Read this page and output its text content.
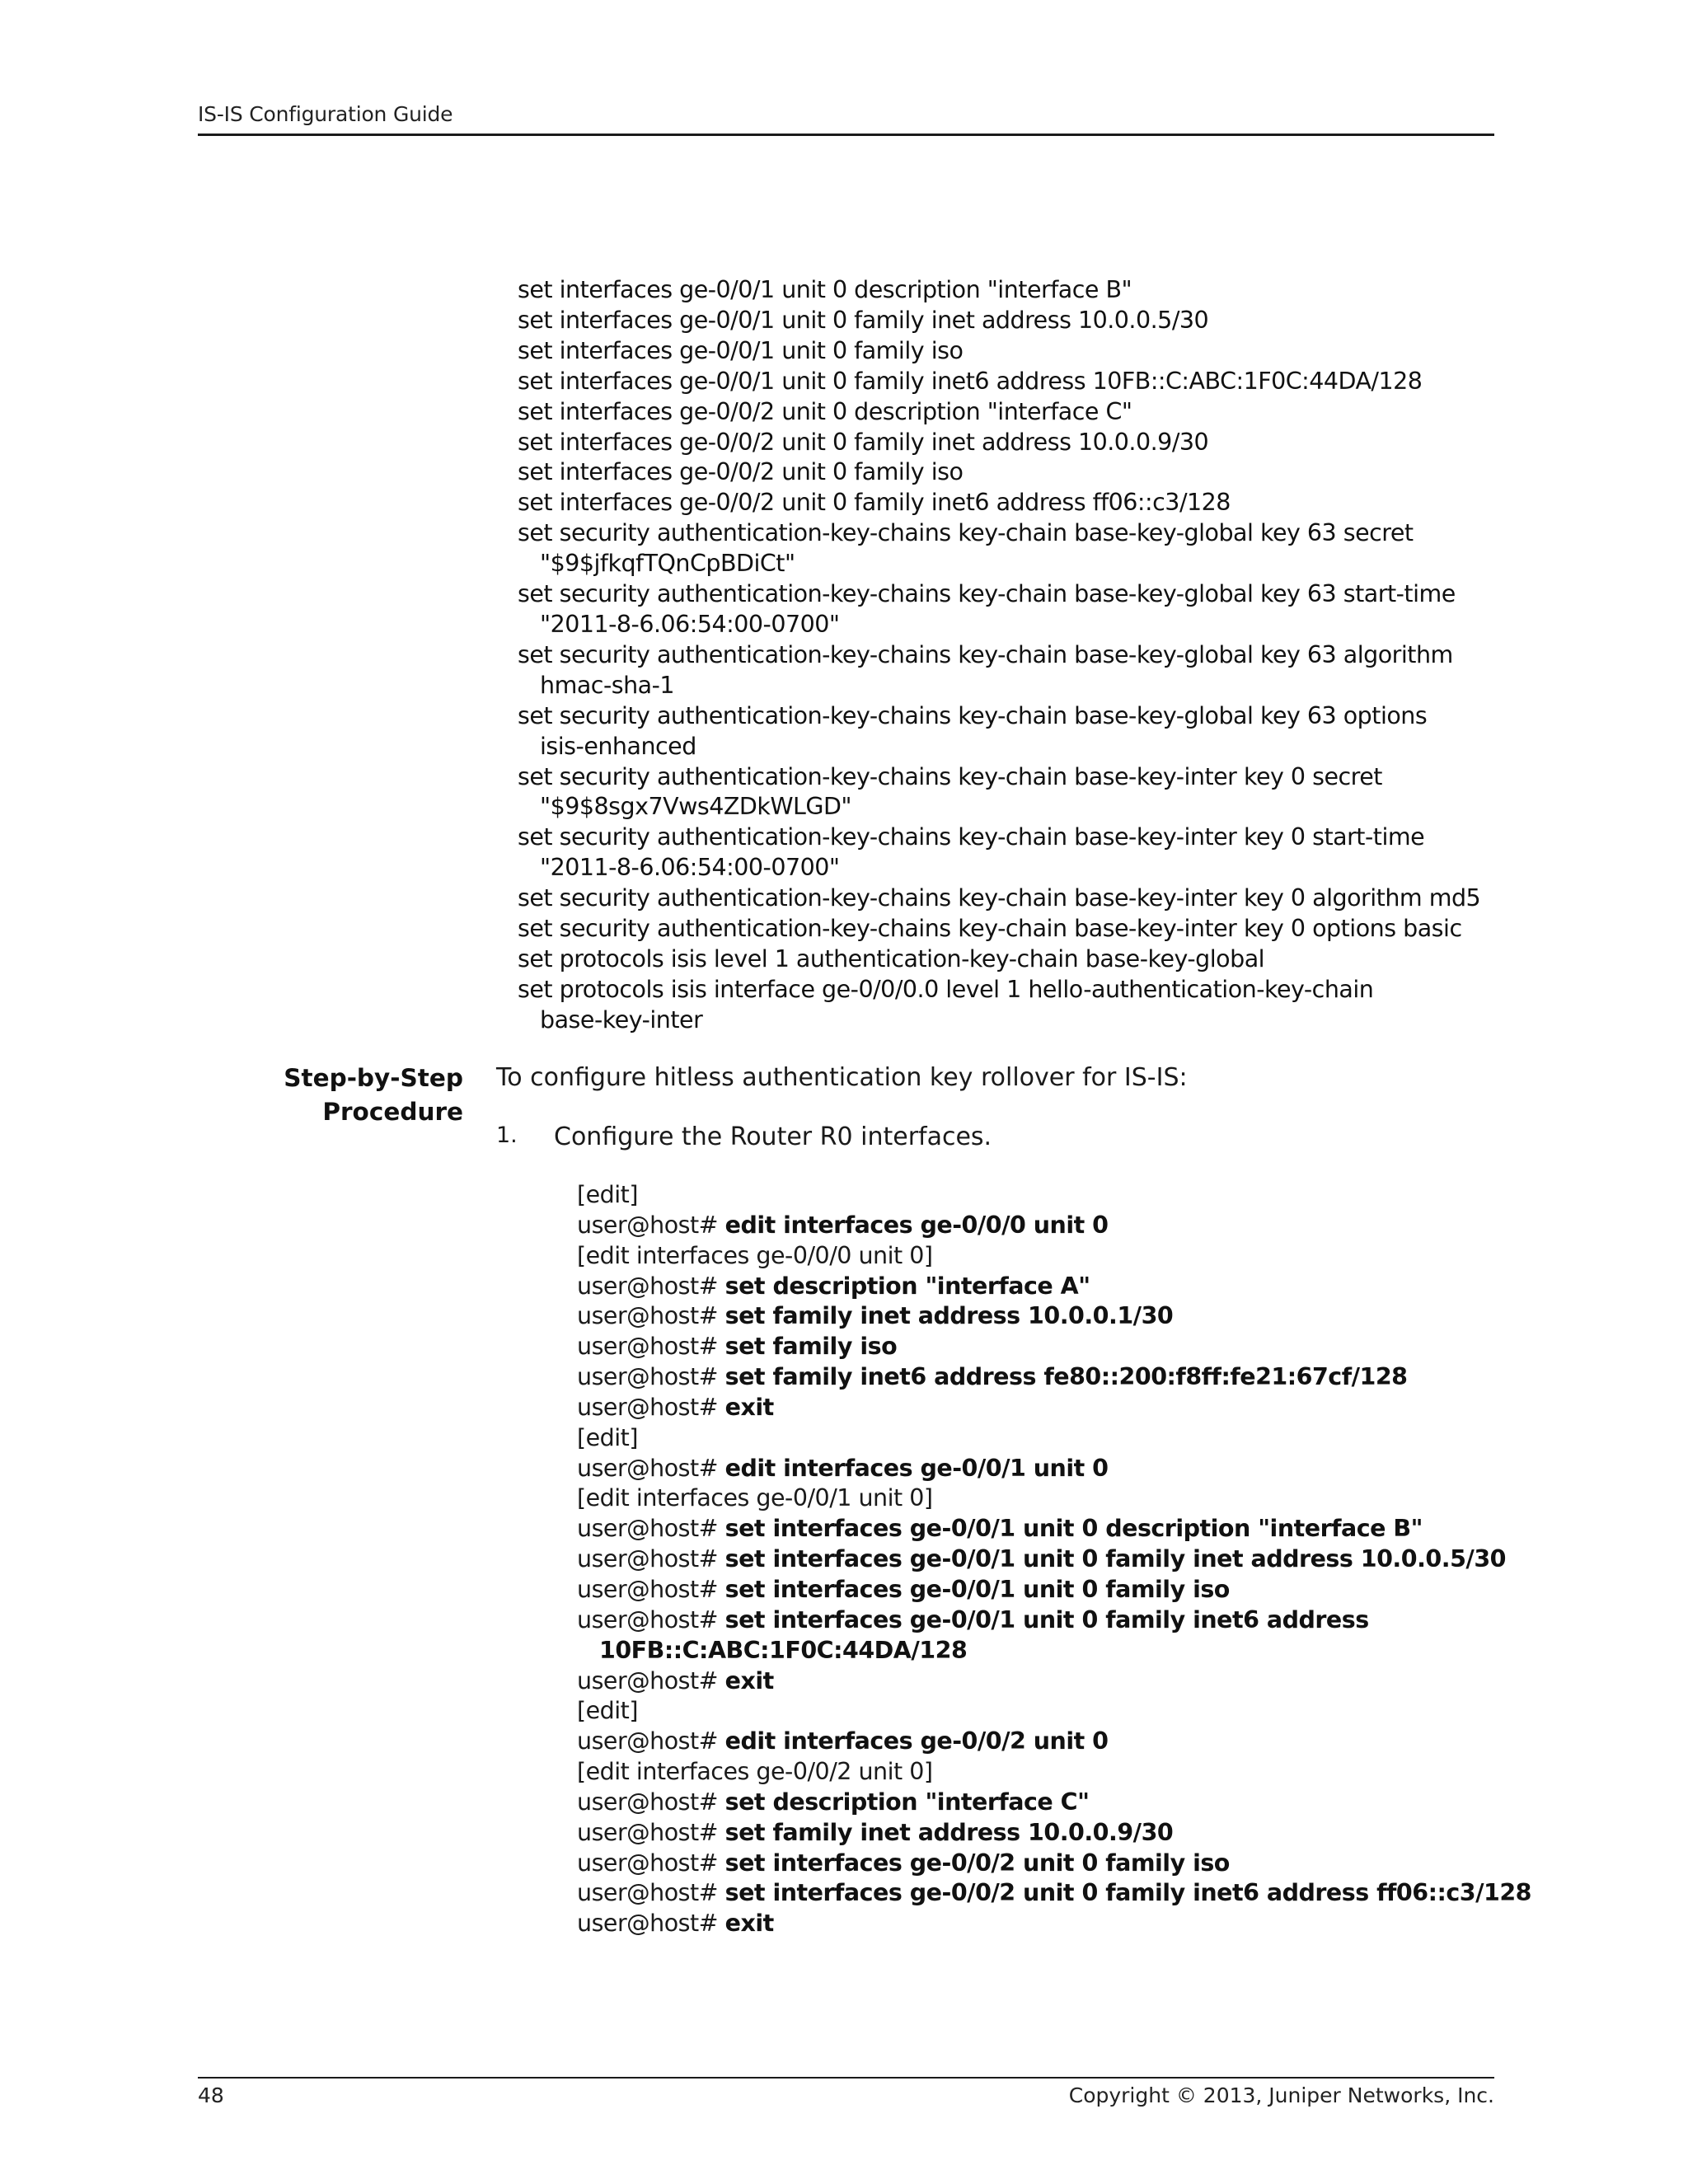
IS-IS Configuration Guide
set interfaces ge-0/0/1 unit 0 description "interface B"
set interfaces ge-0/0/1 unit 0 family inet address 10.0.0.5/30
set interfaces ge-0/0/1 unit 0 family iso
set interfaces ge-0/0/1 unit 0 family inet6 address 10FB::C:ABC:1F0C:44DA/128
set interfaces ge-0/0/2 unit 0 description "interface C"
set interfaces ge-0/0/2 unit 0 family inet address 10.0.0.9/30
set interfaces ge-0/0/2 unit 0 family iso
set interfaces ge-0/0/2 unit 0 family inet6 address ff06::c3/128
set security authentication-key-chains key-chain base-key-global key 63 secret
"$9$jfkqfTQnCpBDiCt"
set security authentication-key-chains key-chain base-key-global key 63 start-time
"2011-8-6.06:54:00-0700"
set security authentication-key-chains key-chain base-key-global key 63 algorithm
hmac-sha-1
set security authentication-key-chains key-chain base-key-global key 63 options
isis-enhanced
set security authentication-key-chains key-chain base-key-inter key 0 secret
"$9$8sgx7Vws4ZDkWLGD"
set security authentication-key-chains key-chain base-key-inter key 0 start-time
"2011-8-6.06:54:00-0700"
set security authentication-key-chains key-chain base-key-inter key 0 algorithm md5
set security authentication-key-chains key-chain base-key-inter key 0 options basic
set protocols isis level 1 authentication-key-chain base-key-global
set protocols isis interface ge-0/0/0.0 level 1 hello-authentication-key-chain
base-key-inter
Step-by-Step
Procedure
To configure hitless authentication key rollover for IS-IS:
1. Configure the Router R0 interfaces.
[edit]
user@host# edit interfaces ge-0/0/0 unit 0
[edit interfaces ge-0/0/0 unit 0]
user@host# set description "interface A"
user@host# set family inet address 10.0.0.1/30
user@host# set family iso
user@host# set family inet6 address fe80::200:f8ff:fe21:67cf/128
user@host# exit
[edit]
user@host# edit interfaces ge-0/0/1 unit 0
[edit interfaces ge-0/0/1 unit 0]
user@host# set interfaces ge-0/0/1 unit 0 description "interface B"
user@host# set interfaces ge-0/0/1 unit 0 family inet address 10.0.0.5/30
user@host# set interfaces ge-0/0/1 unit 0 family iso
user@host# set interfaces ge-0/0/1 unit 0 family inet6 address
10FB::C:ABC:1F0C:44DA/128
user@host# exit
[edit]
user@host# edit interfaces ge-0/0/2 unit 0
[edit interfaces ge-0/0/2 unit 0]
user@host# set description "interface C"
user@host# set family inet address 10.0.0.9/30
user@host# set interfaces ge-0/0/2 unit 0 family iso
user@host# set interfaces ge-0/0/2 unit 0 family inet6 address ff06::c3/128
user@host# exit
48	Copyright © 2013, Juniper Networks, Inc.
